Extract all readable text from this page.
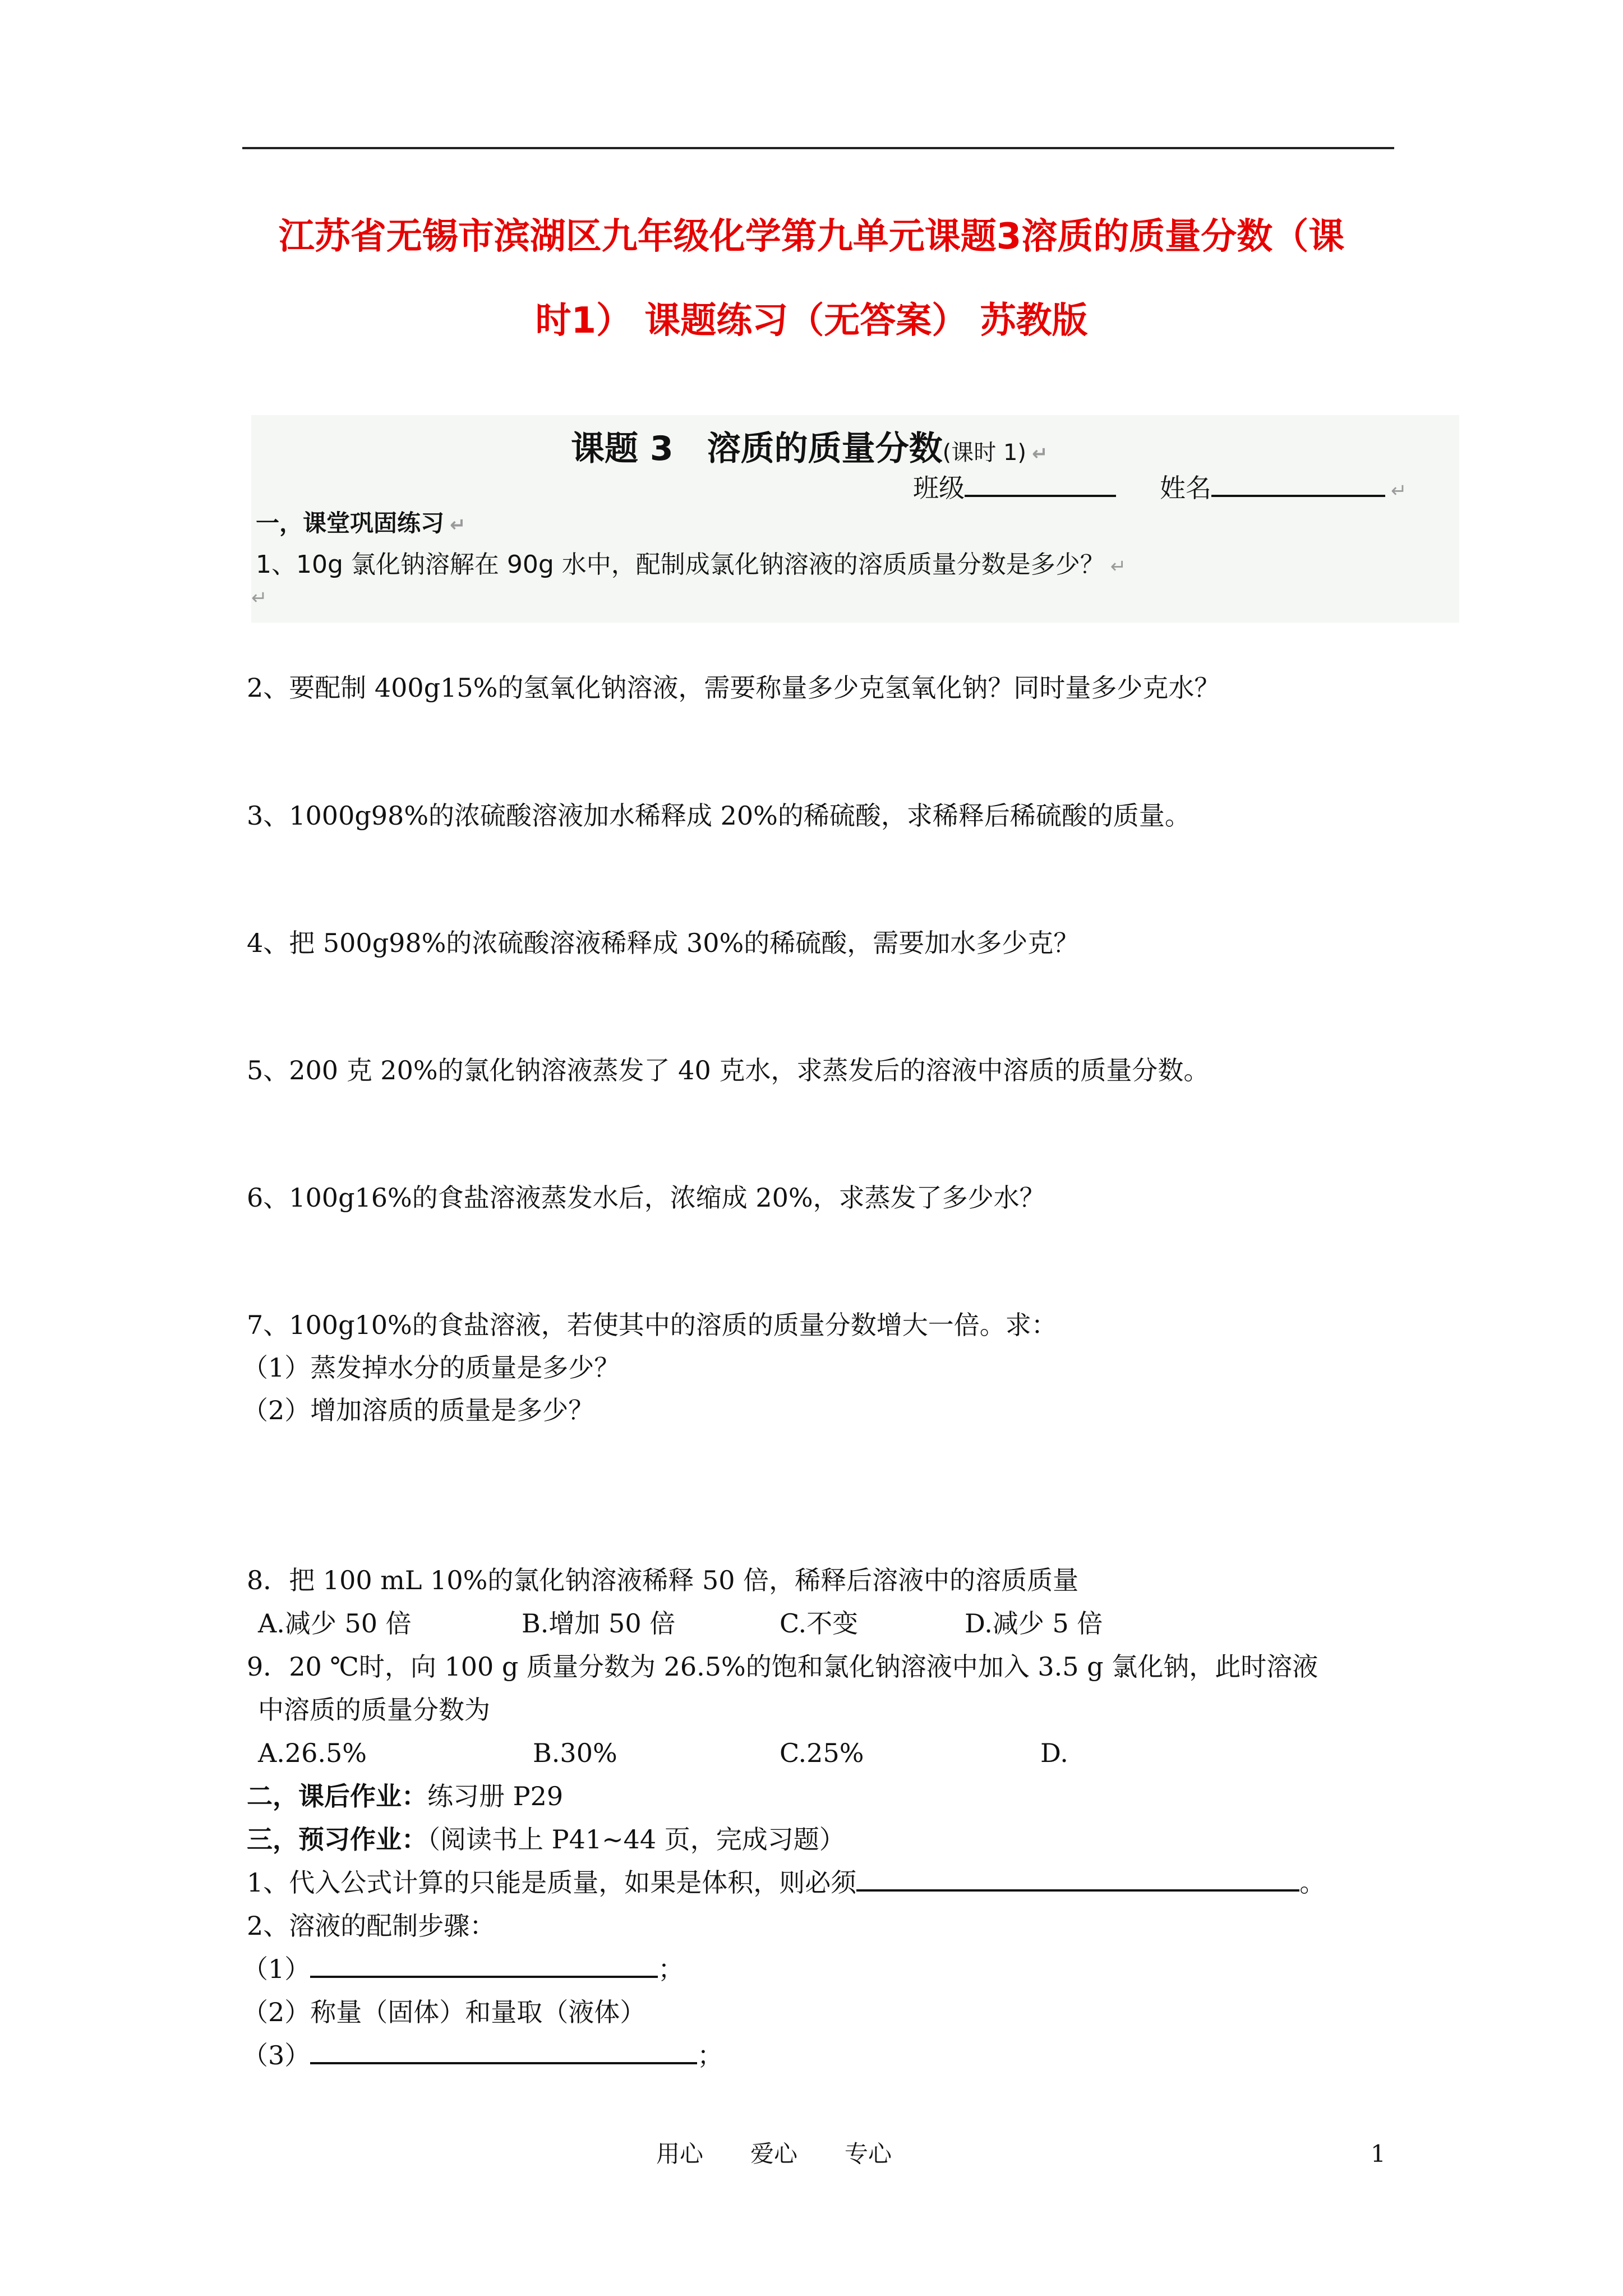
江苏省无锡市滨湖区九年级化学第九单元课题3溶质的质量分数（课
时1） 课题练习（无答案） 苏教版
课题 3　溶质的质量分数(课时 1) ↵
班级	姓名	↵
一，课堂巩固练习 ↵
1、10g 氯化钠溶解在 90g 水中，配制成氯化钠溶液的溶质质量分数是多少？ ↵
↵
2、要配制 400g15%的氢氧化钠溶液，需要称量多少克氢氧化钠？同时量多少克水？
3、1000g98%的浓硫酸溶液加水稀释成 20%的稀硫酸，求稀释后稀硫酸的质量。
4、把 500g98%的浓硫酸溶液稀释成 30%的稀硫酸，需要加水多少克？
5、200 克 20%的氯化钠溶液蒸发了 40 克水，求蒸发后的溶液中溶质的质量分数。
6、100g16%的食盐溶液蒸发水后，浓缩成 20%，求蒸发了多少水？
7、100g10%的食盐溶液，若使其中的溶质的质量分数增大一倍。求：
（1）蒸发掉水分的质量是多少？
（2）增加溶质的质量是多少？
8．把 100 mL 10%的氯化钠溶液稀释 50 倍，稀释后溶液中的溶质质量
A.减少 50 倍	B.增加 50 倍	C.不变	D.减少 5 倍
9．20 ℃时，向 100 g 质量分数为 26.5%的饱和氯化钠溶液中加入 3.5 g 氯化钠，此时溶液
中溶质的质量分数为
A.26.5%	B.30%	C.25%	D.
二，课后作业：练习册 P29
三，预习作业：（阅读书上 P41~44 页，完成习题）
1、代入公式计算的只能是质量，如果是体积，则必须	。
2、溶液的配制步骤：
（1）	；
（2）称量（固体）和量取（液体）
（3）	；
用心　　爱心　　专心	1
